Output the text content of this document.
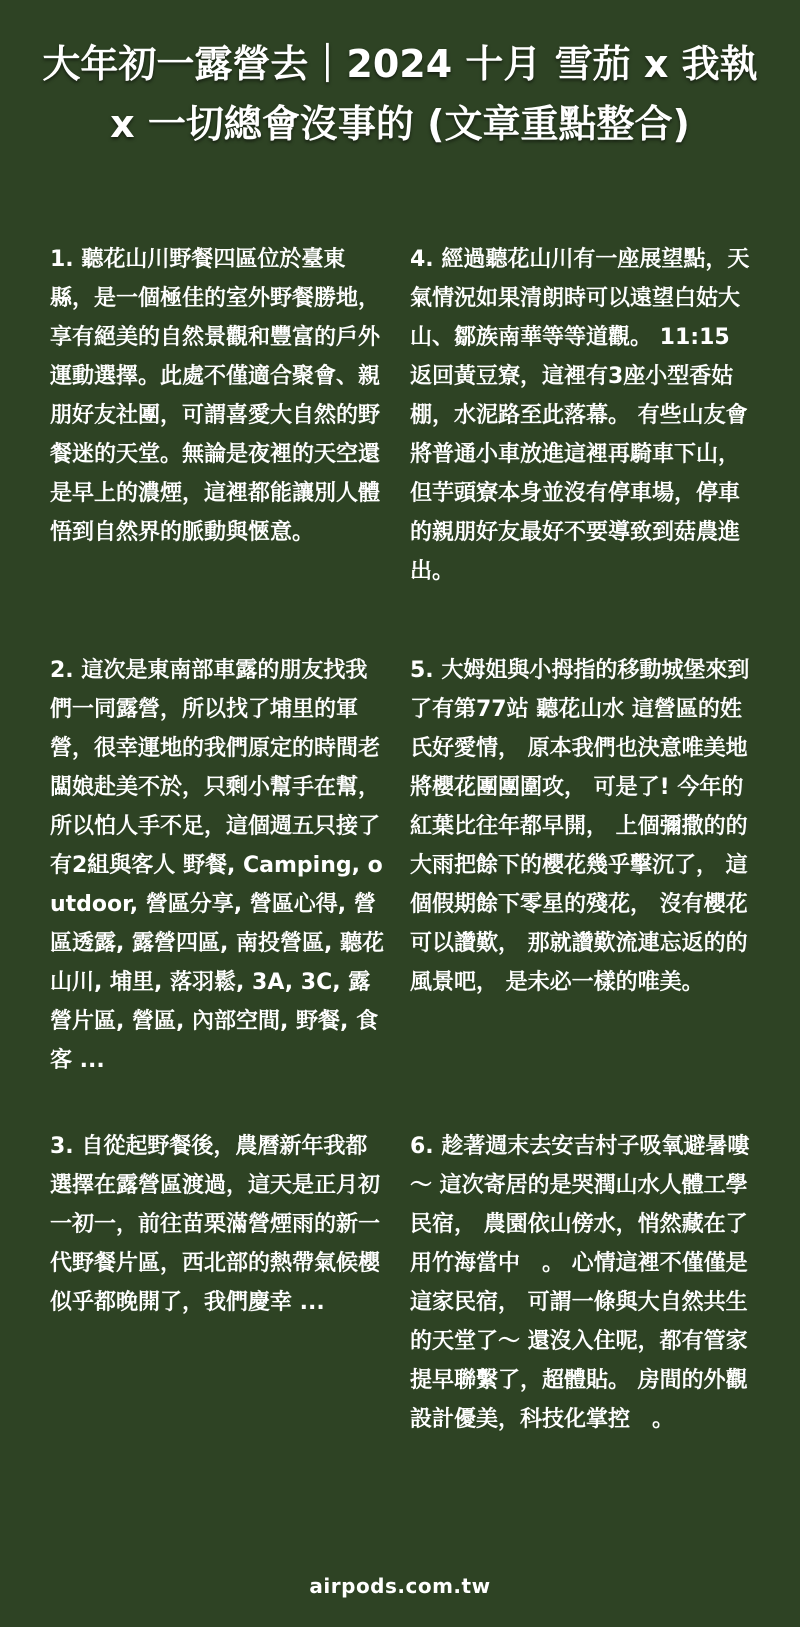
大年初一露營去｜2024 十月 雪茄 x 我執 x 一切總會沒事的 (文章重點整合)

1. 聽花山川野餐四區位於臺東縣，是一個極佳的室外野餐勝地，享有絕美的自然景觀和豐富的戶外運動選擇。此處不僅適合聚會、親朋好友社團，可謂喜愛大自然的野餐迷的天堂。無論是夜裡的天空還是早上的濃煙，這裡都能讓別人體悟到自然界的脈動與愜意。

2. 這次是東南部車露的朋友找我們一同露營，所以找了埔里的軍營，很幸運地的我們原定的時間老闆娘赴美不於，只剩小幫手在幫，所以怕人手不足，這個週五只接了有2組與客人 野餐, Camping, outdoor, 營區分享, 營區心得, 營區透露, 露營四區, 南投營區, 聽花山川, 埔里, 落羽鬆, 3A, 3C, 露營片區, 營區, 內部空間, 野餐, 食客 ...

3. 自從起野餐後，農曆新年我都選擇在露營區渡過，這天是正月初一初一，前往苗栗滿營煙雨的新一代野餐片區，西北部的熱帶氣候櫻似乎都晚開了，我們慶幸 ...

4. 經過聽花山川有一座展望點，天氣情況如果清朗時可以遠望白姑大山、鄒族南華等等道觀。 11:15返回黃豆寮，這裡有3座小型香姑棚，水泥路至此落幕。 有些山友會將普通小車放進這裡再騎車下山，但芋頭寮本身並沒有停車場，停車的親朋好友最好不要導致到菇農進出。

5. 大姆姐與小拇指的移動城堡來到了有第77站 聽花山水 這營區的姓氏好愛情， 原本我們也決意唯美地將櫻花團團圍攻， 可是了! 今年的紅葉比往年都早開， 上個彌撒的的大雨把餘下的櫻花幾乎擊沉了， 這個假期餘下零星的殘花， 沒有櫻花可以讚歎， 那就讚歎流連忘返的的風景吧， 是未必一樣的唯美。

6. 趁著週末去安吉村子吸氧避暑嘍～ 這次寄居的是哭潤山水人體工學民宿， 農園依山傍水，悄然藏在了用竹海當中　。 心情這裡不僅僅是這家民宿， 可謂一條與大自然共生的天堂了～ 還沒入住呢，都有管家提早聯繫了，超體貼。 房間的外觀設計優美，科技化掌控　。

airpods.com.tw
